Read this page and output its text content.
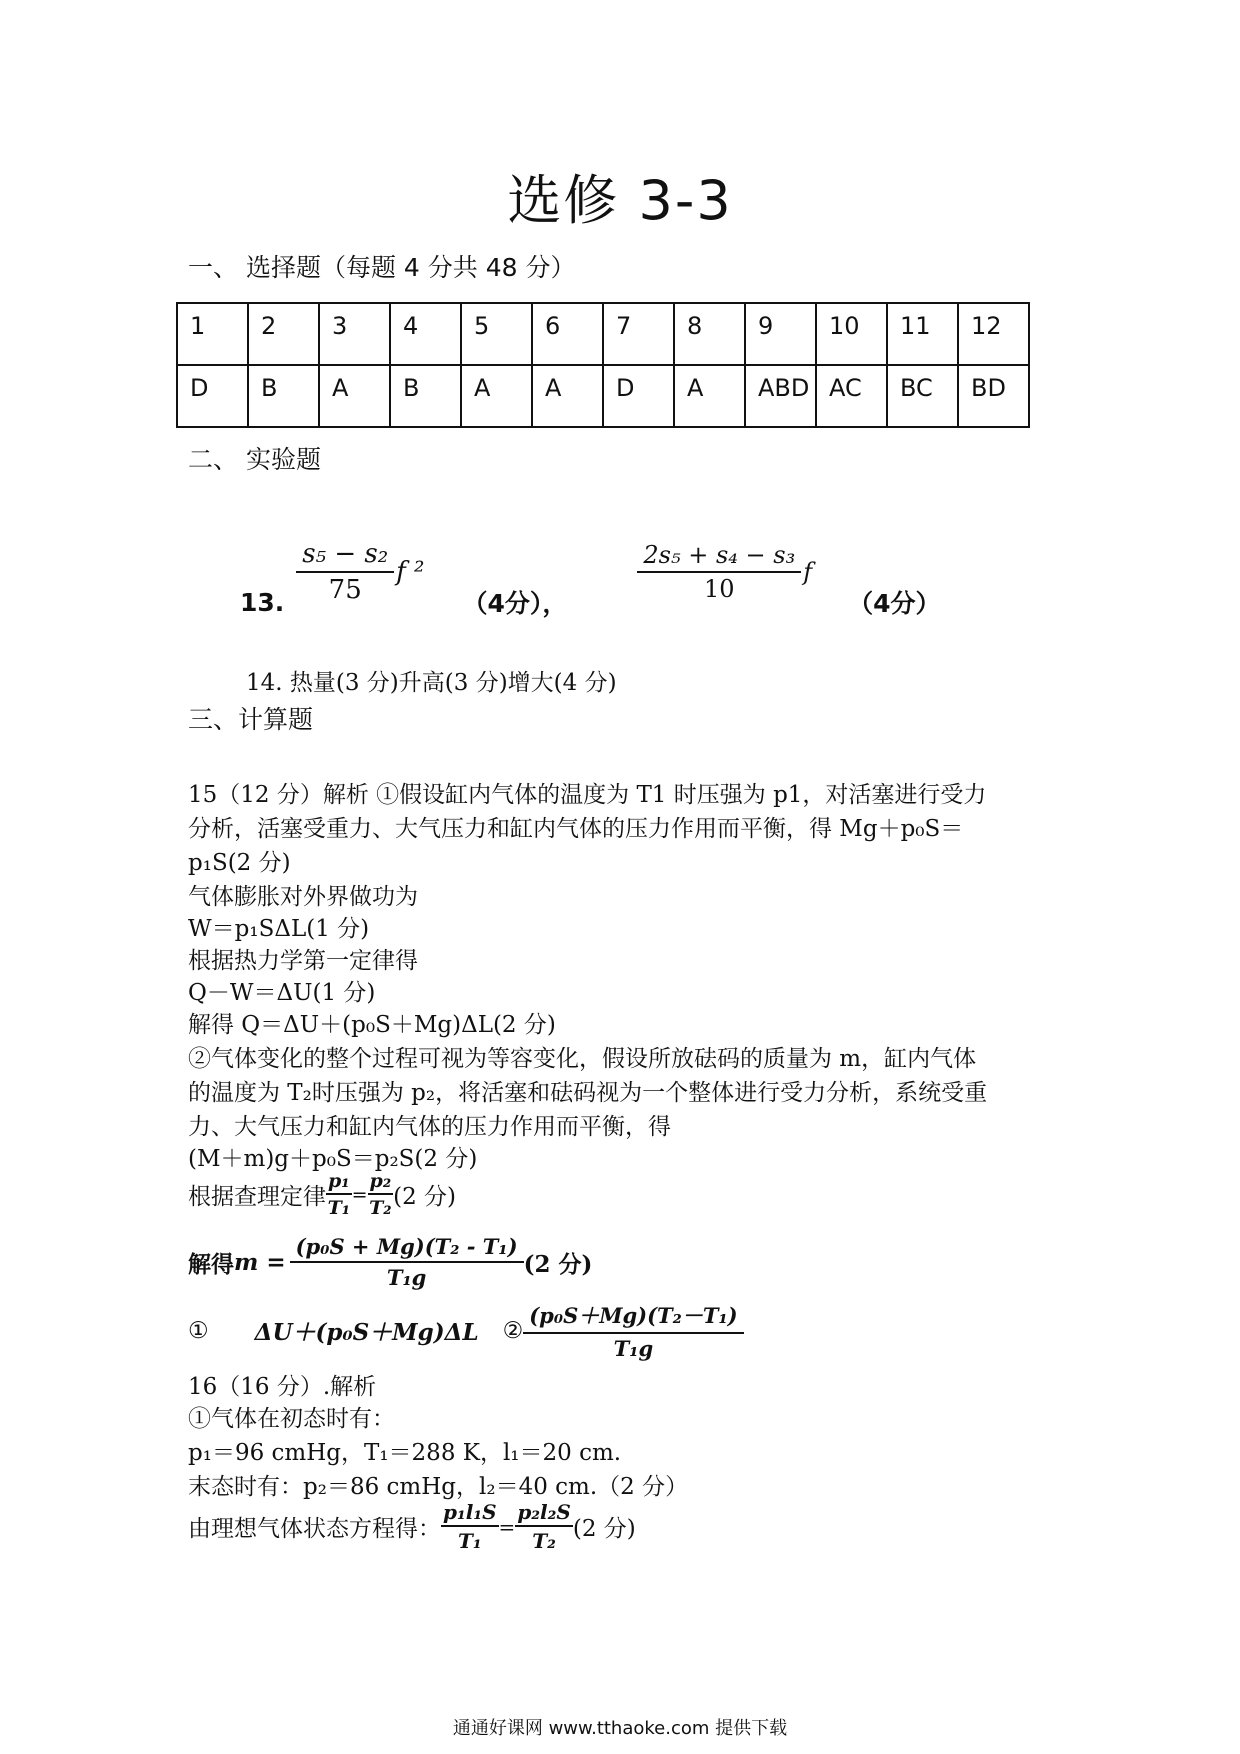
选修 3-3
一、 选择题（每题 4 分共 48 分）
1	2	3	4	5	6	7	8	9	10	11	12
D	B	A	B	A	A	D	A	ABD	AC	BC	BD
二、 实验题
13. $\frac{\text{s₅ − s₂}}{75}$ f ²
（4分），
$\frac{\text{2s₅ + s₄ − s₃}}{10}$ f
（4分）
14. 热量(3 分)升高(3 分)增大(4 分)
三、计算题
15（12 分）解析 ①假设缸内气体的温度为 T1 时压强为 p1，对活塞进行受力
分析，活塞受重力、大气压力和缸内气体的压力作用而平衡，得 Mg＋p₀S＝
p₁S(2 分)
气体膨胀对外界做功为
W＝p₁SΔL(1 分)
根据热力学第一定律得
Q－W＝ΔU(1 分)
解得 Q＝ΔU＋(p₀S＋Mg)ΔL(2 分)
②气体变化的整个过程可视为等容变化，假设所放砝码的质量为 m，缸内气体
的温度为 T₂时压强为 p₂，将活塞和砝码视为一个整体进行受力分析，系统受重
力、大气压力和缸内气体的压力作用而平衡，得
(M＋m)g＋p₀S＝p₂S(2 分)
根据查理定律 $\frac{\text{p₁}}{\text{T₁}} = \frac{\text{p₂}}{\text{T₂}} (2$ 分)
解得 $m = \frac{\text{(p₀S + Mg)(T₂ - T₁)}}{\text{T₁g}} (2$ 分)
① ΔU＋(p₀S＋Mg)ΔL ② $\frac{\text{(p₀S＋Mg)(T₂－T₁)}}{\text{T₁g}}$
16（16 分）.解析
①气体在初态时有：
p₁＝96 cmHg，T₁＝288 K，l₁＝20 cm.
末态时有：p₂＝86 cmHg，l₂＝40 cm.（2 分）
由理想气体状态方程得： $\frac{\text{p₁l₁S}}{\text{T₁}} = \frac{\text{p₂l₂S}}{\text{T₂}} (2$ 分)
通通好课网 www.tthaoke.com 提供下载
